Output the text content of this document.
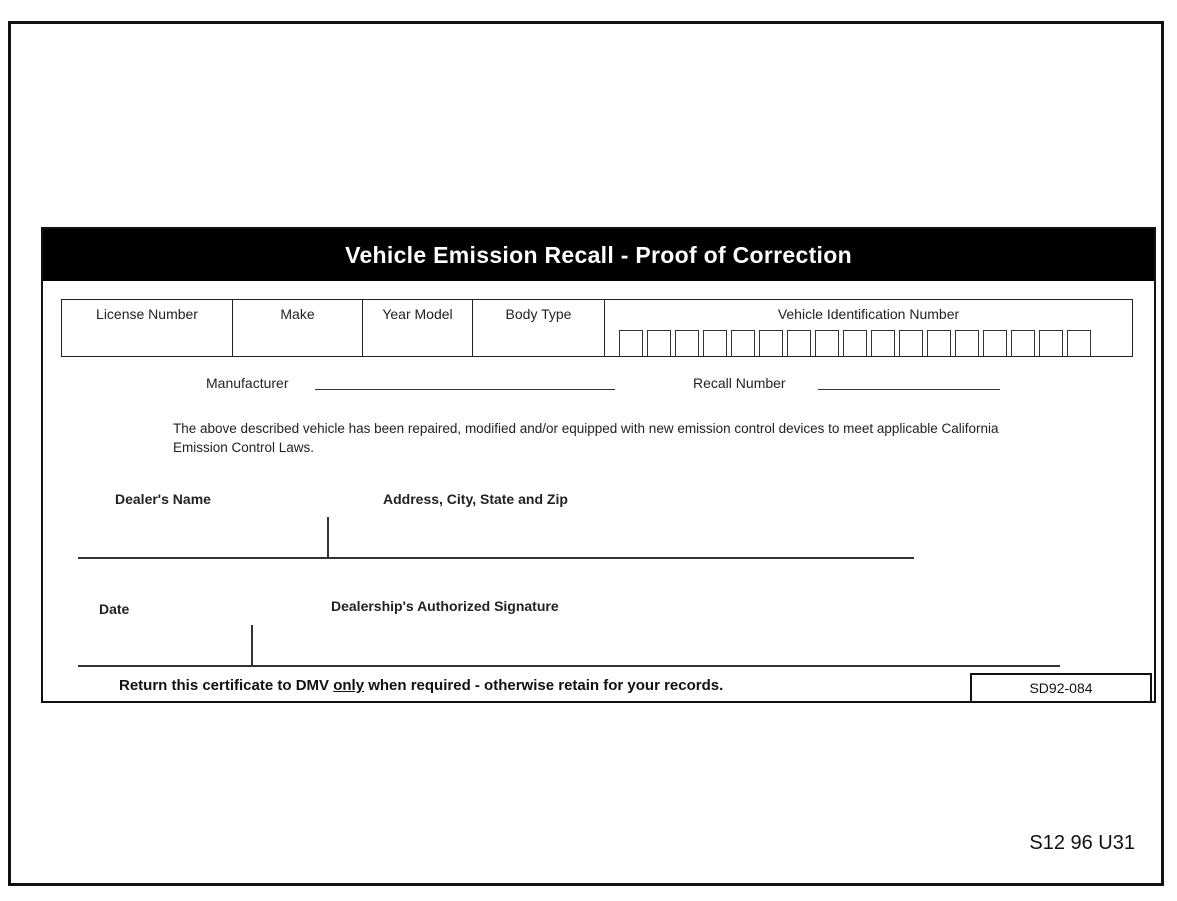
Vehicle Emission Recall - Proof of Correction
License Number	Make	Year Model	Body Type	Vehicle Identification Number
Manufacturer	Recall Number
The above described vehicle has been repaired, modified and/or equipped with new emission control devices to meet applicable California Emission Control Laws.
Dealer's Name	Address, City, State and Zip
Date	Dealership's Authorized Signature
Return this certificate to DMV only when required - otherwise retain for your records.	SD92-084
S12 96 U31
